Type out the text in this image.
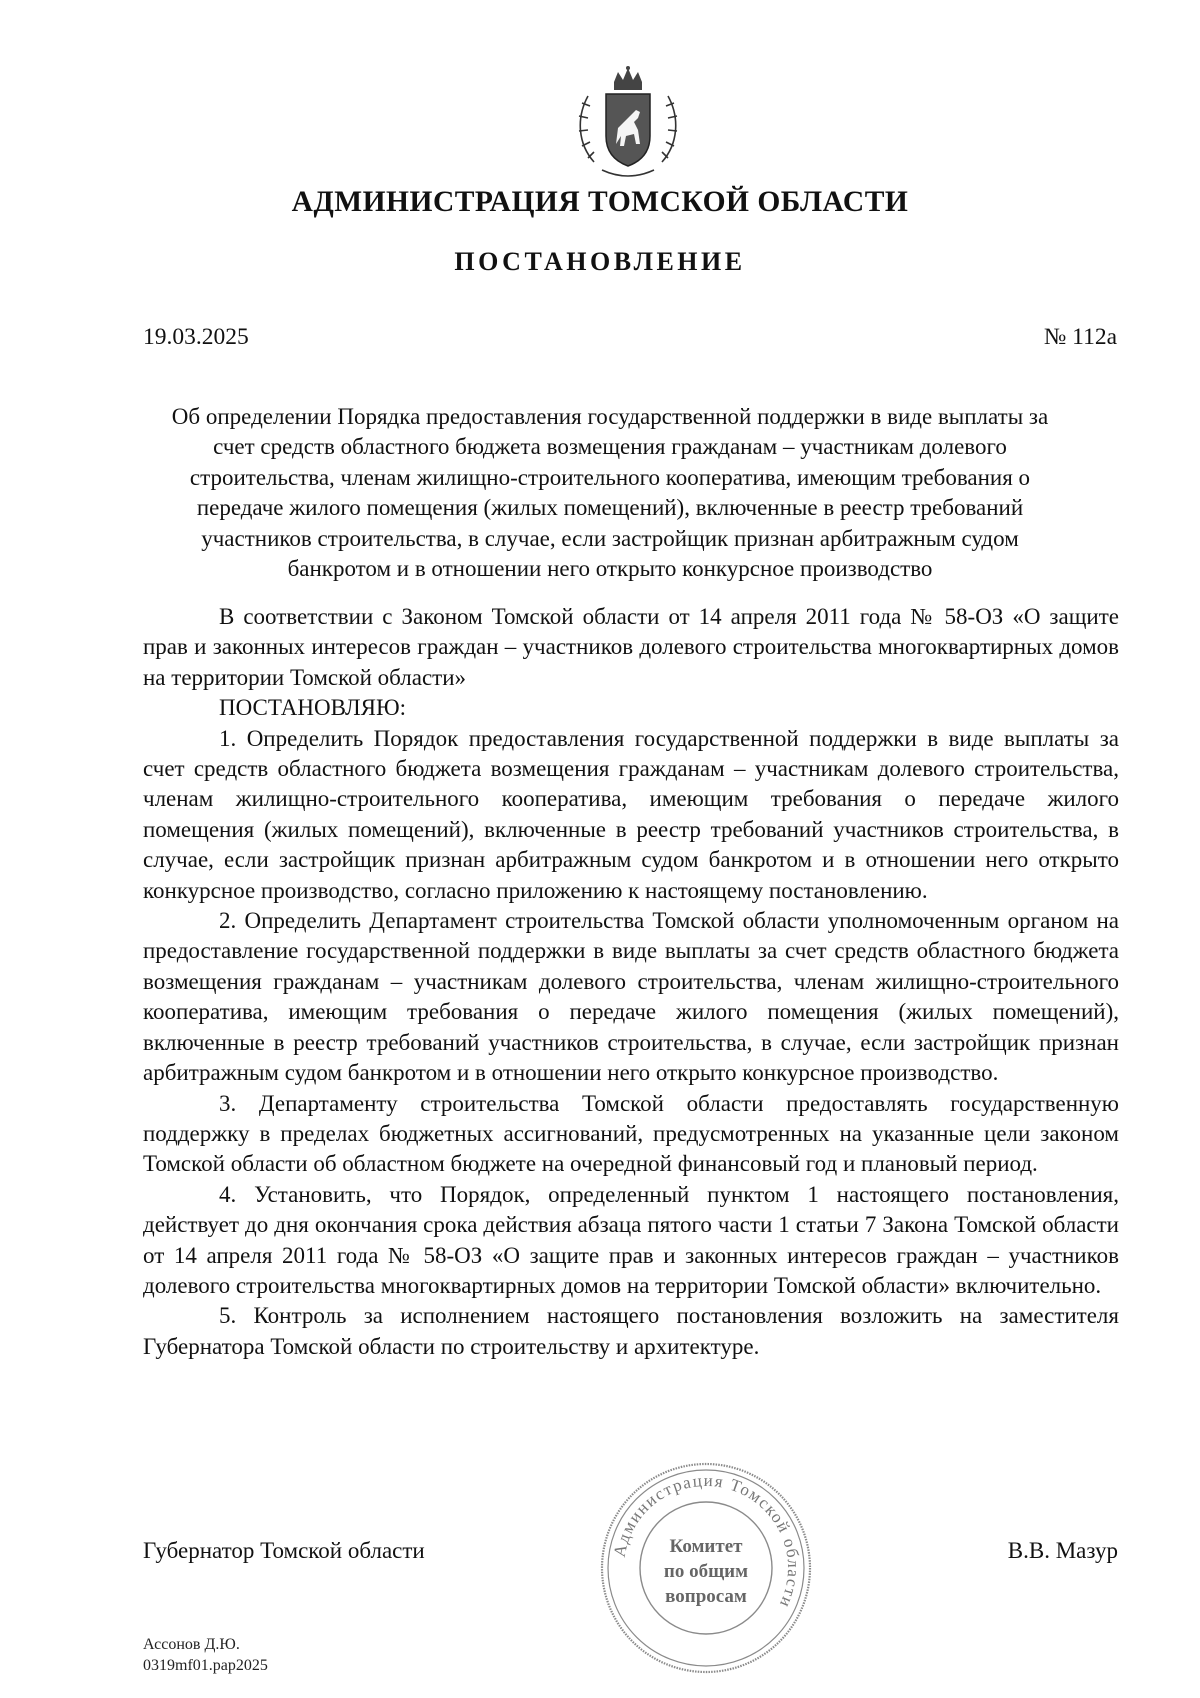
АДМИНИСТРАЦИЯ ТОМСКОЙ ОБЛАСТИ
ПОСТАНОВЛЕНИЕ
19.03.2025	№ 112а
Об определении Порядка предоставления государственной поддержки в виде выплаты за счет средств областного бюджета возмещения гражданам – участникам долевого строительства, членам жилищно-строительного кооператива, имеющим требования о передаче жилого помещения (жилых помещений), включенные в реестр требований участников строительства, в случае, если застройщик признан арбитражным судом банкротом и в отношении него открыто конкурсное производство

В соответствии с Законом Томской области от 14 апреля 2011 года № 58-ОЗ «О защите прав и законных интересов граждан – участников долевого строительства многоквартирных домов на территории Томской области»

ПОСТАНОВЛЯЮ:

1. Определить Порядок предоставления государственной поддержки в виде выплаты за счет средств областного бюджета возмещения гражданам – участникам долевого строительства, членам жилищно-строительного кооператива, имеющим требования о передаче жилого помещения (жилых помещений), включенные в реестр требований участников строительства, в случае, если застройщик признан арбитражным судом банкротом и в отношении него открыто конкурсное производство, согласно приложению к настоящему постановлению.

2. Определить Департамент строительства Томской области уполномоченным органом на предоставление государственной поддержки в виде выплаты за счет средств областного бюджета возмещения гражданам – участникам долевого строительства, членам жилищно-строительного кооператива, имеющим требования о передаче жилого помещения (жилых помещений), включенные в реестр требований участников строительства, в случае, если застройщик признан арбитражным судом банкротом и в отношении него открыто конкурсное производство.

3. Департаменту строительства Томской области предоставлять государственную поддержку в пределах бюджетных ассигнований, предусмотренных на указанные цели законом Томской области об областном бюджете на очередной финансовый год и плановый период.

4. Установить, что Порядок, определенный пунктом 1 настоящего постановления, действует до дня окончания срока действия абзаца пятого части 1 статьи 7 Закона Томской области от 14 апреля 2011 года № 58-ОЗ «О защите прав и законных интересов граждан – участников долевого строительства многоквартирных домов на территории Томской области» включительно.

5. Контроль за исполнением настоящего постановления возложить на заместителя Губернатора Томской области по строительству и архитектуре.

Губернатор Томской области	В.В. Мазур
Администрация Томской области
Комитет
по общим
вопросам
Ассонов Д.Ю.
0319mf01.pap2025
